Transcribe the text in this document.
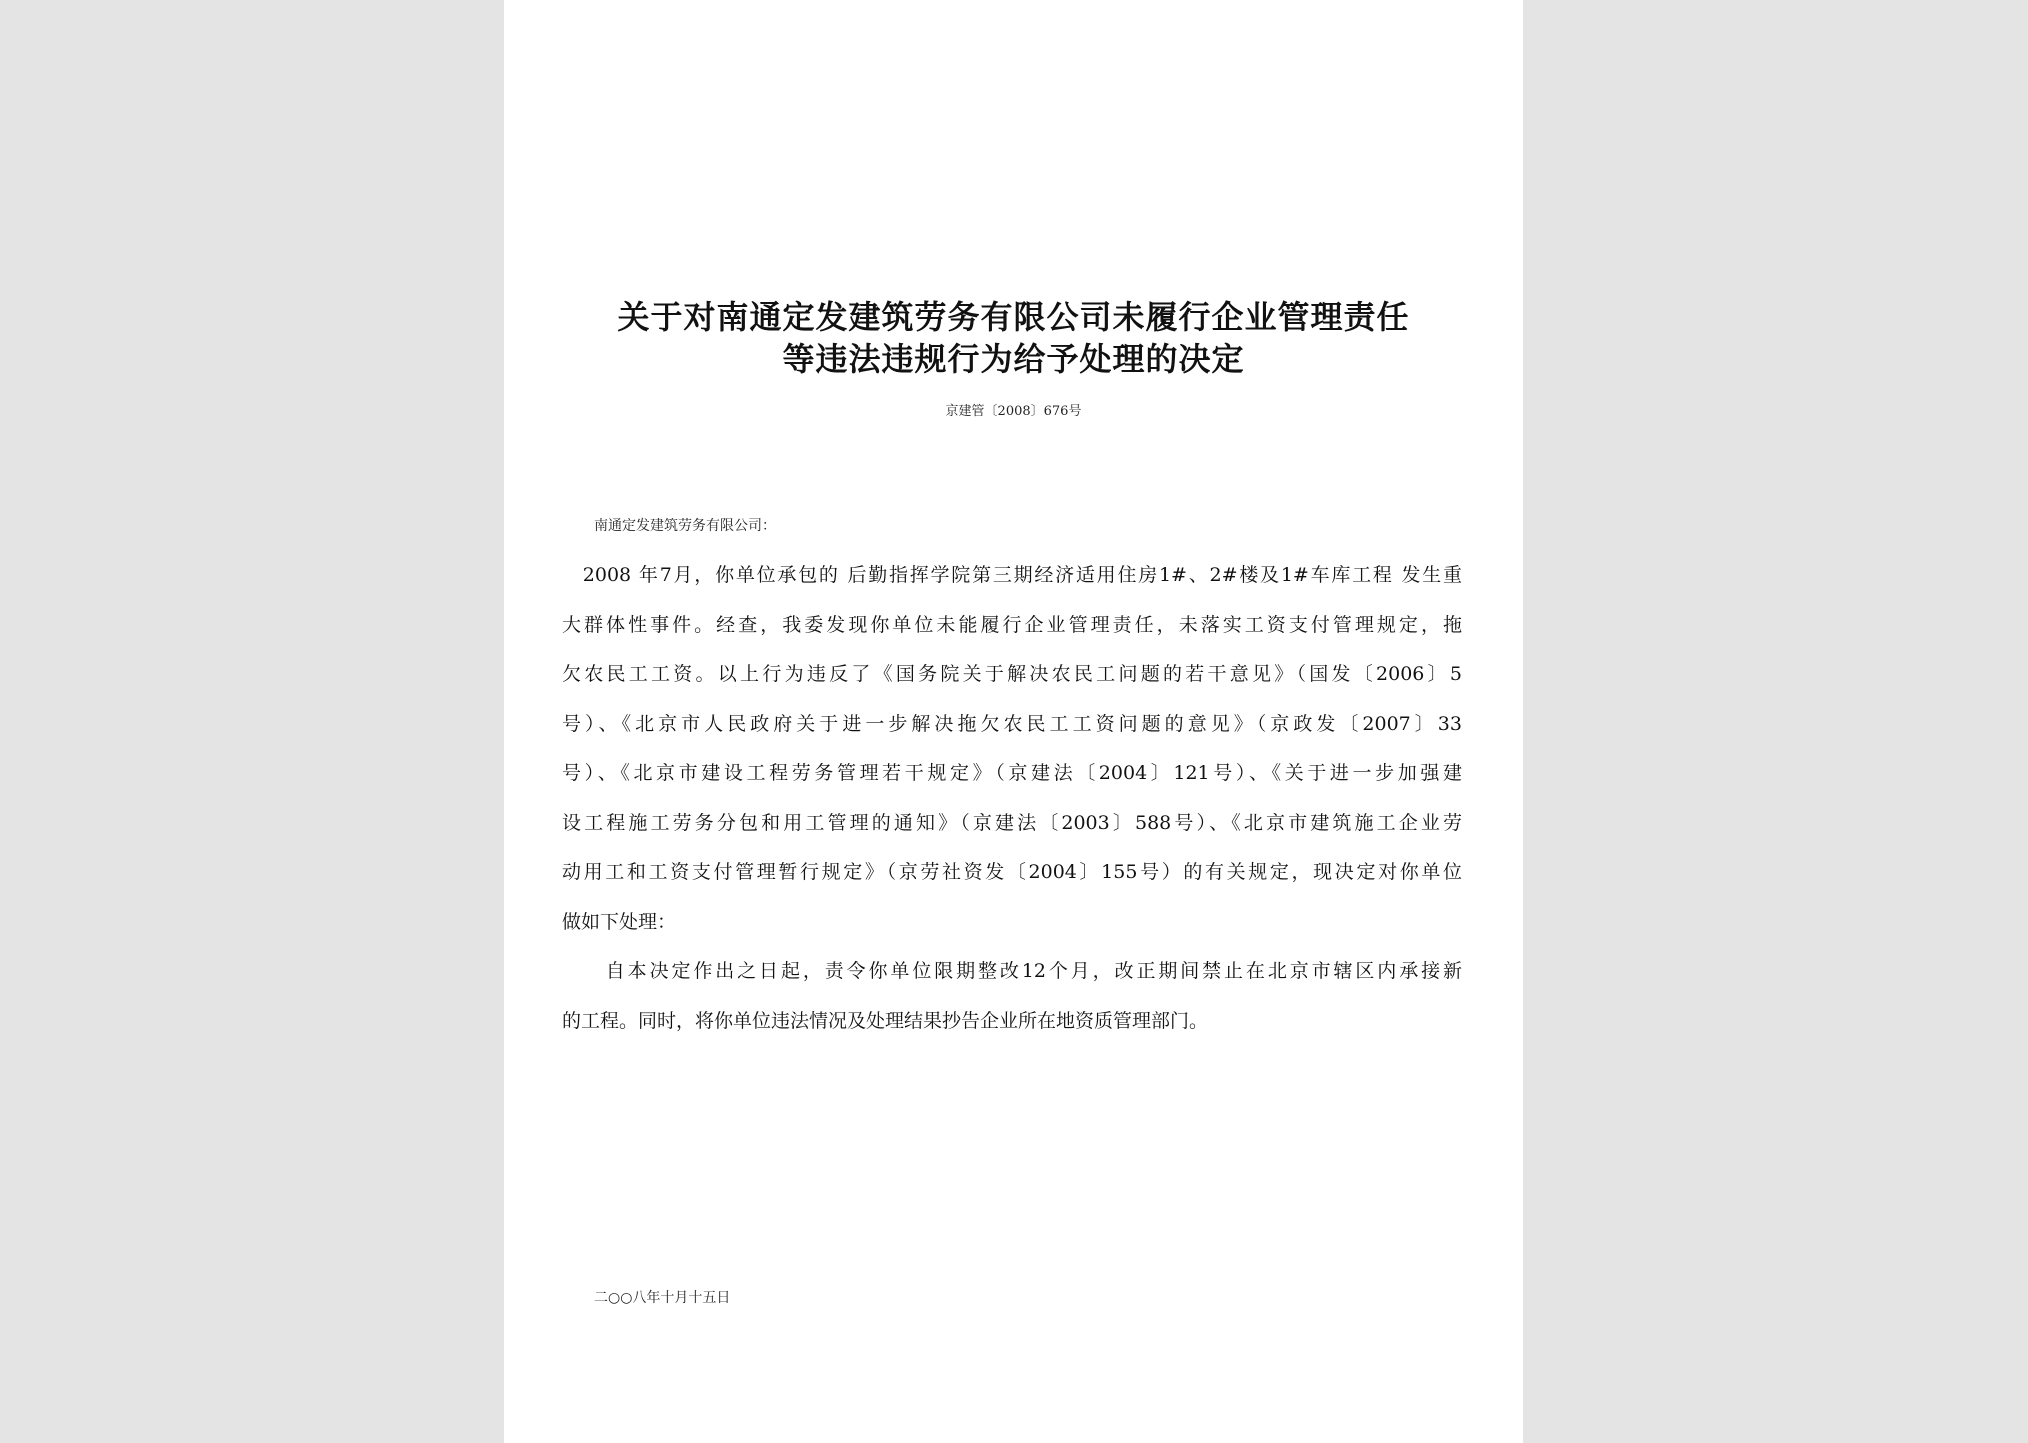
关于对南通定发建筑劳务有限公司未履行企业管理责任
等违法违规行为给予处理的决定
京建管〔2008〕676号
南通定发建筑劳务有限公司：
　2008 年7月，你单位承包的 后勤指挥学院第三期经济适用住房1#、2#楼及1#车库工程 发生重
大群体性事件。经查，我委发现你单位未能履行企业管理责任，未落实工资支付管理规定，拖
欠农民工工资。以上行为违反了《国务院关于解决农民工问题的若干意见》（国发〔2006〕5
号）、《北京市人民政府关于进一步解决拖欠农民工工资问题的意见》（京政发〔2007〕33
号）、《北京市建设工程劳务管理若干规定》（京建法〔2004〕121号）、《关于进一步加强建
设工程施工劳务分包和用工管理的通知》（京建法〔2003〕588号）、《北京市建筑施工企业劳
动用工和工资支付管理暂行规定》（京劳社资发〔2004〕155号）的有关规定，现决定对你单位
做如下处理：
　　自本决定作出之日起，责令你单位限期整改12个月，改正期间禁止在北京市辖区内承接新
的工程。同时，将你单位违法情况及处理结果抄告企业所在地资质管理部门。
二○○八年十月十五日
